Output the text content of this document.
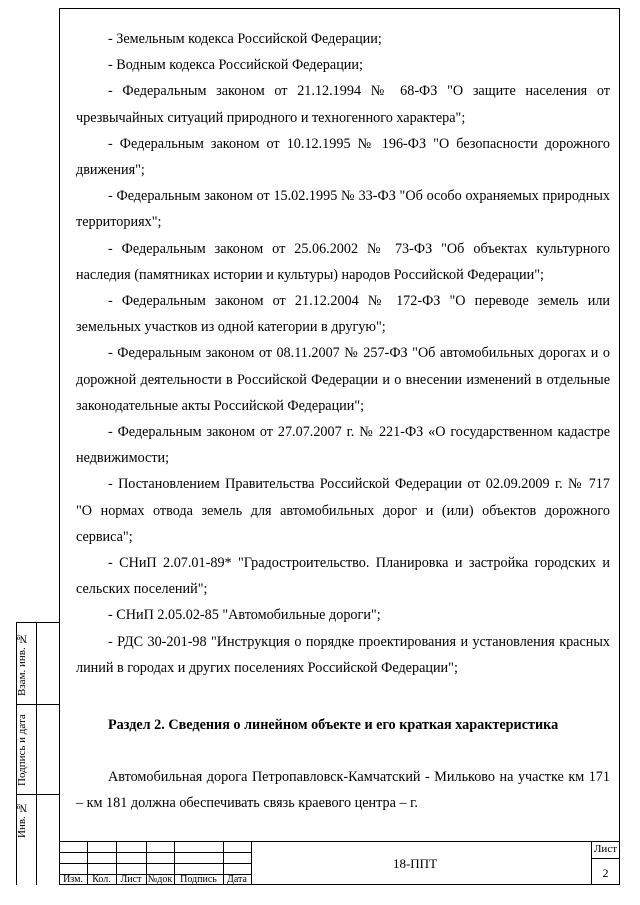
- Земельным кодекса Российской Федерации;

- Водным кодекса Российской Федерации;

- Федеральным законом от 21.12.1994 № 68-ФЗ "О защите населения от чрезвычайных ситуаций природного и техногенного характера";

- Федеральным законом от 10.12.1995 № 196-ФЗ "О безопасности дорожного движения";

- Федеральным законом от 15.02.1995 № 33-ФЗ "Об особо охраняемых природных территориях";

- Федеральным законом от 25.06.2002 № 73-ФЗ "Об объектах культурного наследия (памятниках истории и культуры) народов Российской Федерации";

- Федеральным законом от 21.12.2004 № 172-ФЗ "О переводе земель или земельных участков из одной категории в другую";

- Федеральным законом от 08.11.2007 № 257-ФЗ "Об автомобильных дорогах и о дорожной деятельности в Российской Федерации и о внесении изменений в отдельные законодательные акты Российской Федерации";

- Федеральным законом от 27.07.2007 г. № 221-ФЗ «О государственном кадастре недвижимости;

- Постановлением Правительства Российской Федерации от 02.09.2009 г. № 717 "О нормах отвода земель для автомобильных дорог и (или) объектов дорожного сервиса";

- СНиП 2.07.01-89* "Градостроительство. Планировка и застройка городских и сельских поселений";

- СНиП 2.05.02-85 "Автомобильные дороги";

- РДС 30-201-98 "Инструкция о порядке проектирования и установления красных линий в городах и других поселениях Российской Федерации";

Раздел 2. Сведения о линейном объекте и его краткая характеристика

Автомобильная дорога Петропавловск-Камчатский - Мильково на участке км 171 – км 181 должна обеспечивать связь краевого центра – г.

Взам. инв. №
Подпись и дата
Инв. №
Изм. Кол. Лист №док Подпись	Дата
18-ППТ
Лист
2
